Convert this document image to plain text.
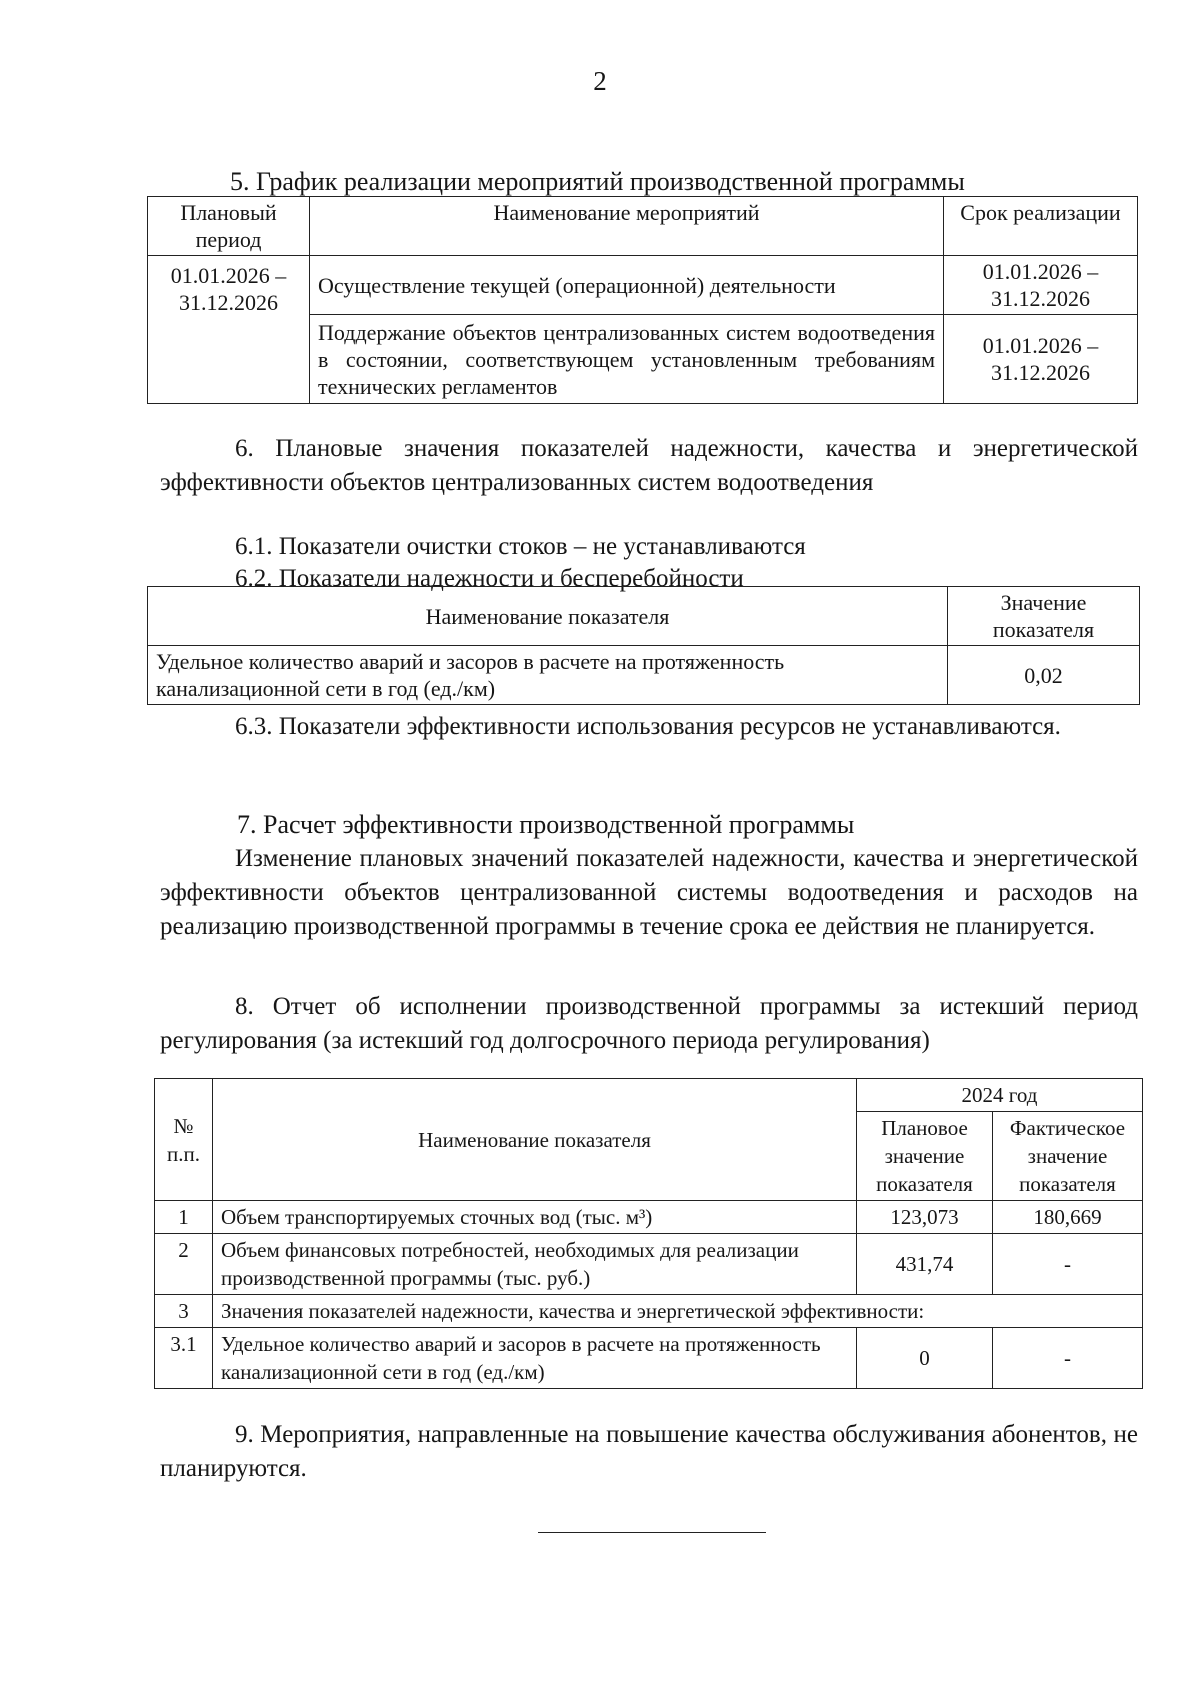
2

5. График реализации мероприятий производственной программы

Плановый период	Наименование мероприятий	Срок реализации
01.01.2026 – 31.12.2026	Осуществление текущей (операционной) деятельности	01.01.2026 – 31.12.2026
	Поддержание объектов централизованных систем водоотведения в состоянии, соответствующем установленным требованиям технических регламентов	01.01.2026 – 31.12.2026

6. Плановые значения показателей надежности, качества и энергетической эффективности объектов централизованных систем водоотведения

6.1. Показатели очистки стоков – не устанавливаются

6.2. Показатели надежности и бесперебойности

Наименование показателя	Значение показателя
Удельное количество аварий и засоров в расчете на протяженность канализационной сети в год (ед./км)	0,02

6.3. Показатели эффективности использования ресурсов не устанавливаются.

7. Расчет эффективности производственной программы

Изменение плановых значений показателей надежности, качества и энергетической эффективности объектов централизованной системы водоотведения и расходов на реализацию производственной программы в течение срока ее действия не планируется.

8. Отчет об исполнении производственной программы за истекший период регулирования (за истекший год долгосрочного периода регулирования)

№ п.п.	Наименование показателя	2024 год	
		Плановое значение показателя	Фактическое значение показателя
1	Объем транспортируемых сточных вод (тыс. м³)	123,073	180,669
2	Объем финансовых потребностей, необходимых для реализации производственной программы (тыс. руб.)	431,74	-
3	Значения показателей надежности, качества и энергетической эффективности:		
3.1	Удельное количество аварий и засоров в расчете на протяженность канализационной сети в год (ед./км)	0	-

9. Мероприятия, направленные на повышение качества обслуживания абонентов, не планируются.
